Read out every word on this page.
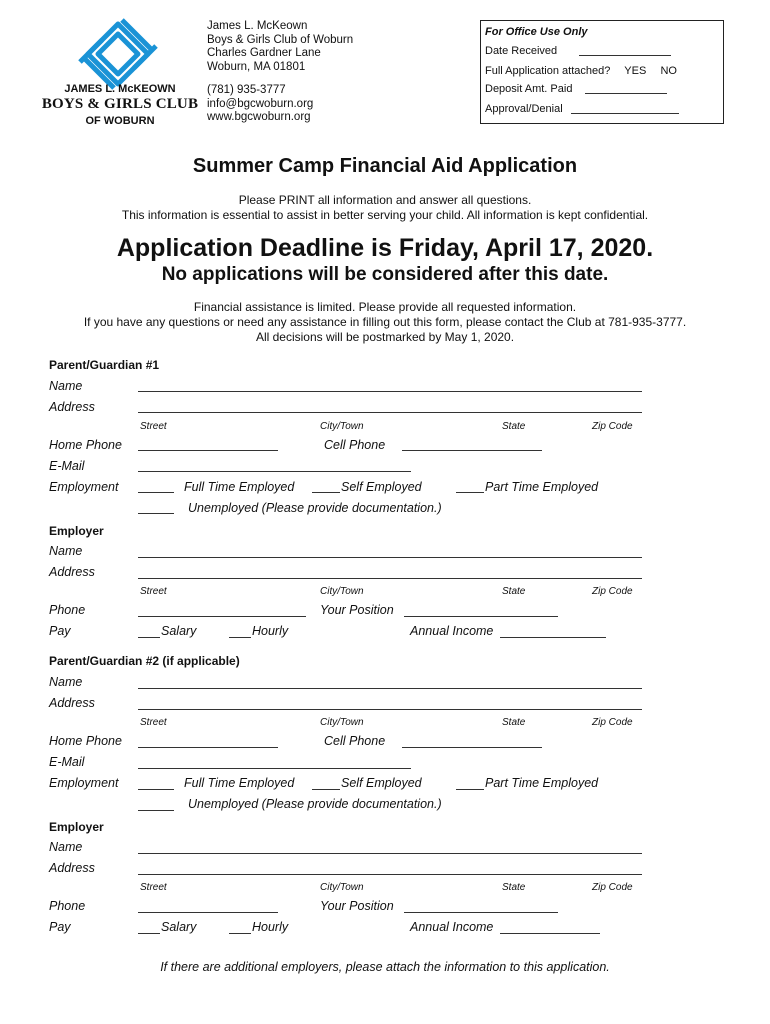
JAMES L. McKEOWN
BOYS & GIRLS CLUB
OF WOBURN
James L. McKeown
Boys & Girls Club of Woburn
Charles Gardner Lane
Woburn, MA 01801
(781) 935-3777
info@bgcwoburn.org
www.bgcwoburn.org
For Office Use Only
Date Received
Full Application attached? YES NO
Deposit Amt. Paid
Approval/Denial
Summer Camp Financial Aid Application
Please PRINT all information and answer all questions.
This information is essential to assist in better serving your child. All information is kept confidential.
Application Deadline is Friday, April 17, 2020.
No applications will be considered after this date.
Financial assistance is limited. Please provide all requested information.
If you have any questions or need any assistance in filling out this form, please contact the Club at 781-935-3777.
All decisions will be postmarked by May 1, 2020.
Parent/Guardian #1
Name
Address
Street	City/Town	State	Zip Code
Home Phone	Cell Phone
E-Mail
Employment	Full Time Employed	Self Employed	Part Time Employed
Unemployed (Please provide documentation.)
Employer
Name
Address
Street	City/Town	State	Zip Code
Phone	Your Position
Pay	Salary	Hourly	Annual Income
Parent/Guardian #2 (if applicable)
Name
Address
Street	City/Town	State	Zip Code
Home Phone	Cell Phone
E-Mail
Employment	Full Time Employed	Self Employed	Part Time Employed
Unemployed (Please provide documentation.)
Employer
Name
Address
Street	City/Town	State	Zip Code
Phone	Your Position
Pay	Salary	Hourly	Annual Income
If there are additional employers, please attach the information to this application.
